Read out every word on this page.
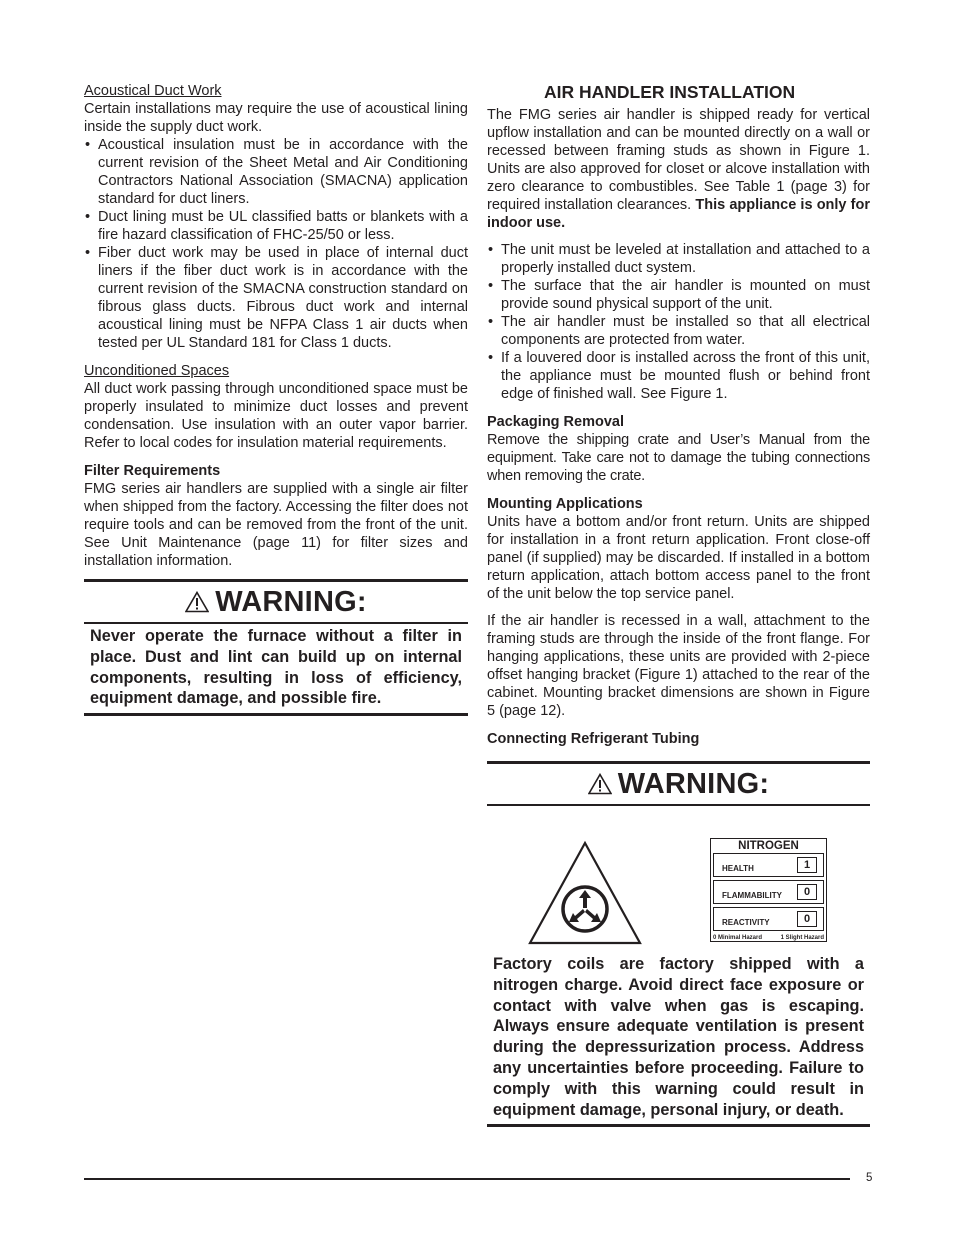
Acoustical Duct Work

Certain installations may require the use of acoustical lining inside the supply duct work.

• Acoustical insulation must be in accordance with the current revision of the Sheet Metal and Air Conditioning Contractors National Association (SMACNA) application standard for duct liners.
• Duct lining must be UL classified batts or blankets with a fire hazard classification of FHC-25/50 or less.
• Fiber duct work may be used in place of internal duct liners if the fiber duct work is in accordance with the current revision of the SMACNA construction standard on fibrous glass ducts. Fibrous duct work and internal acoustical lining must be NFPA Class 1 air ducts when tested per UL Standard 181 for Class 1 ducts.
Unconditioned Spaces

All duct work passing through unconditioned space must be properly insulated to minimize duct losses and prevent condensation. Use insulation with an outer vapor barrier. Refer to local codes for insulation material requirements.

Filter Requirements

FMG series air handlers are supplied with a single air filter when shipped from the factory. Accessing the filter does not require tools and can be removed from the front of the unit. See Unit Maintenance (page 11) for filter sizes and installation information.

WARNING:
Never operate the furnace without a filter in place. Dust and lint can build up on internal components, resulting in loss of efficiency, equipment damage, and possible fire.
AIR HANDLER INSTALLATION

The FMG series air handler is shipped ready for vertical upflow installation and can be mounted directly on a wall or recessed between framing studs as shown in Figure 1. Units are also approved for closet or alcove installation with zero clearance to combustibles. See Table 1 (page 3) for required installation clearances. This appliance is only for indoor use.

• The unit must be leveled at installation and attached to a properly installed duct system.
• The surface that the air handler is mounted on must provide sound physical support of the unit.
• The air handler must be installed so that all electrical components are protected from water.
• If a louvered door is installed across the front of this unit, the appliance must be mounted flush or behind front edge of finished wall. See Figure 1.
Packaging Removal

Remove the shipping crate and User’s Manual from the equipment. Take care not to damage the tubing connections when removing the crate.

Mounting Applications

Units have a bottom and/or front return. Units are shipped for installation in a front return application. Front close-off panel (if supplied) may be discarded. If installed in a bottom return application, attach bottom access panel to the front of the unit below the top service panel.

If the air handler is recessed in a wall, attachment to the framing studs are through the inside of the front flange. For hanging applications, these units are provided with 2-piece offset hanging bracket (Figure 1) attached to the rear of the cabinet. Mounting bracket dimensions are shown in Figure 5 (page 12).

Connecting Refrigerant Tubing
WARNING:
NITROGEN
HEALTH	1
FLAMMABILITY	0
REACTIVITY	0
0 Minimal Hazard	1 Slight Hazard
Factory coils are factory shipped with a nitrogen charge. Avoid direct face exposure or contact with valve when gas is escaping. Always ensure adequate ventilation is present during the depressurization process. Address any uncertainties before proceeding. Failure to comply with this warning could result in equipment damage, personal injury, or death.
5
